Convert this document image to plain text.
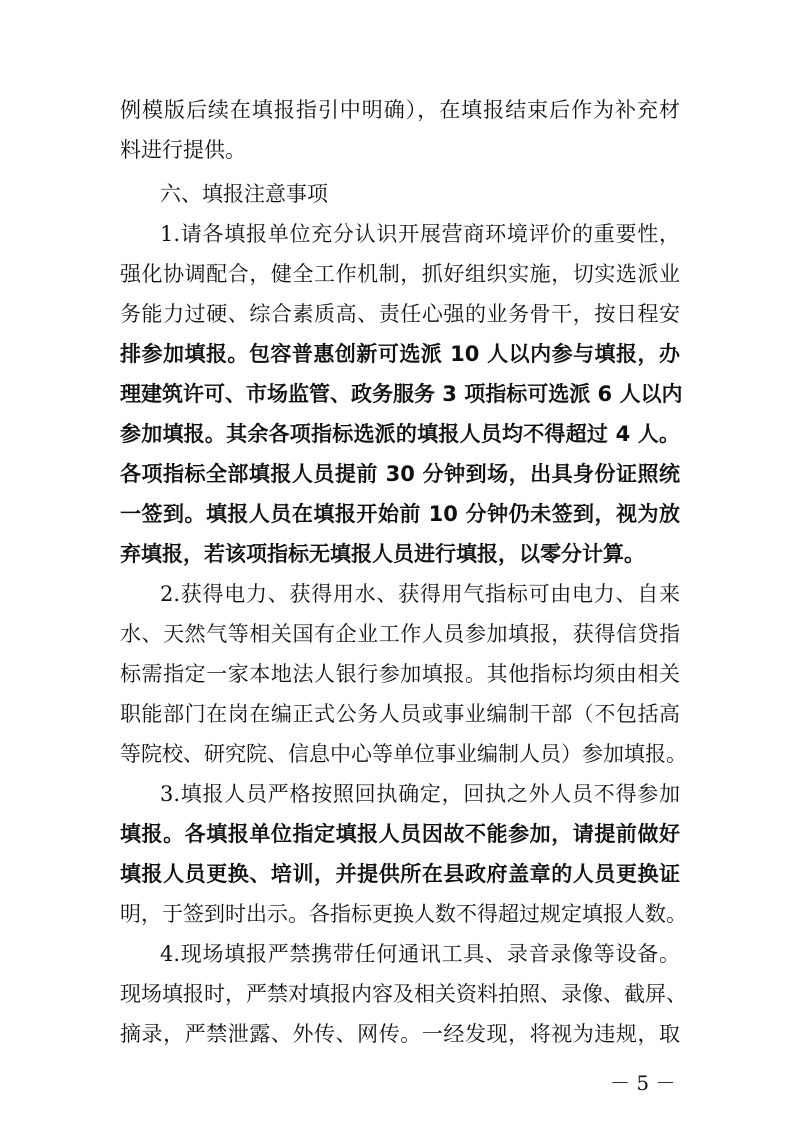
例模版后续在填报指引中明确），在填报结束后作为补充材
料进行提供。
六、填报注意事项
1.请各填报单位充分认识开展营商环境评价的重要性，
强化协调配合，健全工作机制，抓好组织实施，切实选派业
务能力过硬、综合素质高、责任心强的业务骨干，按日程安
排参加填报。包容普惠创新可选派 10 人以内参与填报，办
理建筑许可、市场监管、政务服务 3 项指标可选派 6 人以内
参加填报。其余各项指标选派的填报人员均不得超过 4 人。
各项指标全部填报人员提前 30 分钟到场，出具身份证照统
一签到。填报人员在填报开始前 10 分钟仍未签到，视为放
弃填报，若该项指标无填报人员进行填报，以零分计算。
2.获得电力、获得用水、获得用气指标可由电力、自来
水、天然气等相关国有企业工作人员参加填报，获得信贷指
标需指定一家本地法人银行参加填报。其他指标均须由相关
职能部门在岗在编正式公务人员或事业编制干部（不包括高
等院校、研究院、信息中心等单位事业编制人员）参加填报。
3.填报人员严格按照回执确定，回执之外人员不得参加
填报。各填报单位指定填报人员因故不能参加，请提前做好
填报人员更换、培训，并提供所在县政府盖章的人员更换证
明，于签到时出示。各指标更换人数不得超过规定填报人数。
－ 5 －
4.现场填报严禁携带任何通讯工具、录音录像等设备。
现场填报时，严禁对填报内容及相关资料拍照、录像、截屏、
摘录，严禁泄露、外传、网传。一经发现，将视为违规，取
